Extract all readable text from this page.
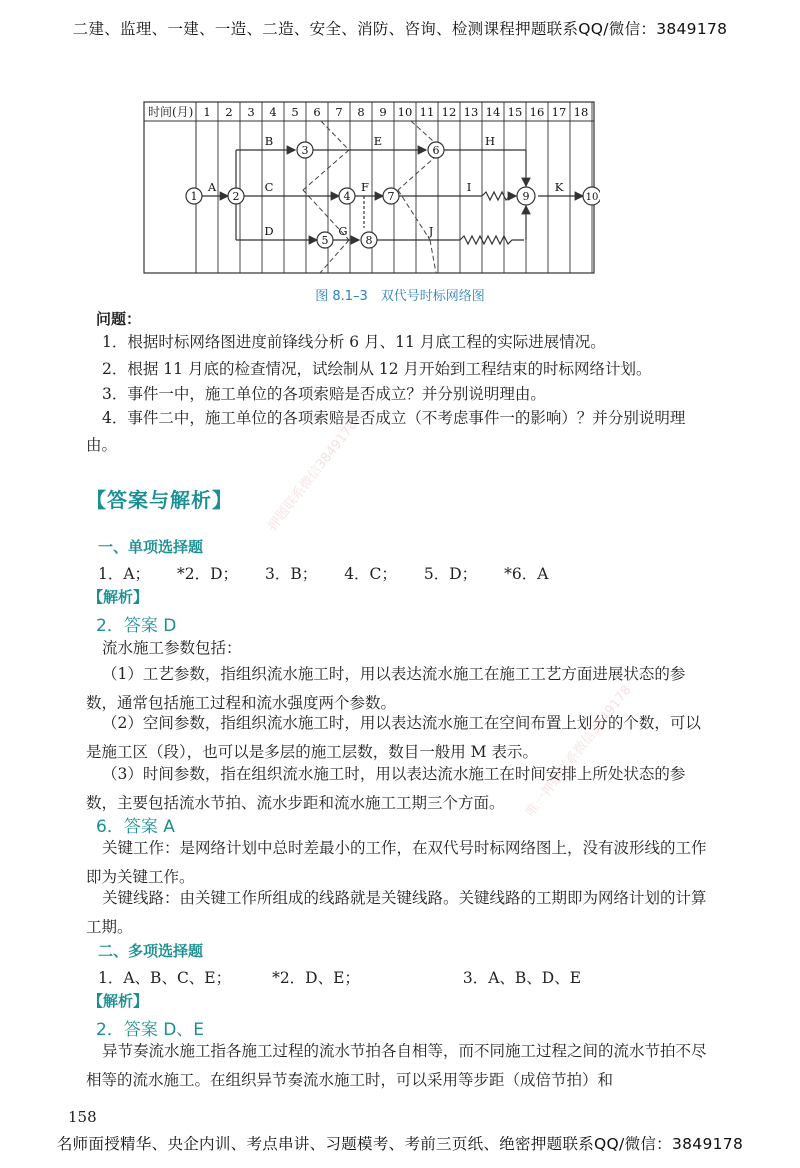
二建、监理、一建、一造、二造、安全、消防、咨询、检测课程押题联系QQ/微信：3849178
时间(月) 1 2 3 4 5 6 7 8 9 10 11 12 13 14 15 16 17 18
1	2
3
4
5
6
7
8
9	10
A
B
C
D
E
F
G
H
I
J
K
图 8.1–3　双代号时标网络图
问题：
1．根据时标网络图进度前锋线分析 6 月、11 月底工程的实际进展情况。
2．根据 11 月底的检查情况，试绘制从 12 月开始到工程结束的时标网络计划。
3．事件一中，施工单位的各项索赔是否成立？并分别说明理由。
4．事件二中，施工单位的各项索赔是否成立（不考虑事件一的影响）？并分别说明理由。
【答案与解析】
一、单项选择题
1．A； *2．D； 3．B； 4．C； 5．D； *6．A
【解析】
2．答案 D
流水施工参数包括：
（1）工艺参数，指组织流水施工时，用以表达流水施工在施工工艺方面进展状态的参数，通常包括施工过程和流水强度两个参数。
（2）空间参数，指组织流水施工时，用以表达流水施工在空间布置上划分的个数，可以是施工区（段），也可以是多层的施工层数，数目一般用 M 表示。
（3）时间参数，指在组织流水施工时，用以表达流水施工在时间安排上所处状态的参数，主要包括流水节拍、流水步距和流水施工工期三个方面。
6．答案 A
关键工作：是网络计划中总时差最小的工作，在双代号时标网络图上，没有波形线的工作即为关键工作。
关键线路：由关键工作所组成的线路就是关键线路。关键线路的工期即为网络计划的计算工期。
二、多项选择题
1．A、B、C、E；	*2．D、E；	3．A、B、D、E
【解析】
2．答案 D、E
异节奏流水施工指各施工过程的流水节拍各自相等，而不同施工过程之间的流水节拍不尽相等的流水施工。在组织异节奏流水施工时，可以采用等步距（成倍节拍）和
押题联系微信3849178
唯一押题联系微信3849178
158
名师面授精华、央企内训、考点串讲、习题模考、考前三页纸、绝密押题联系QQ/微信：3849178
